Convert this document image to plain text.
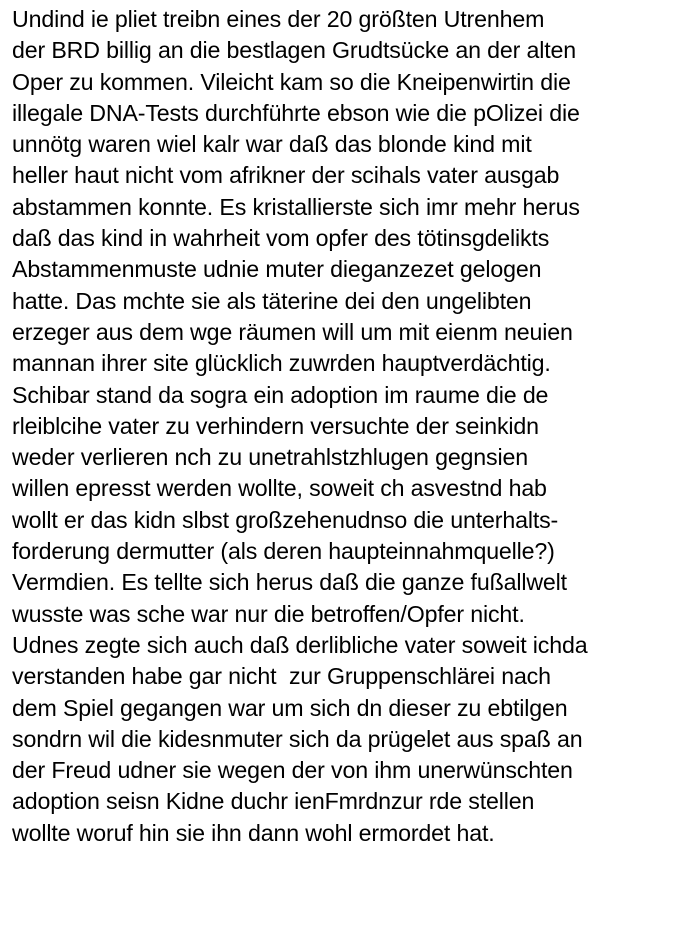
Undind ie pliet treibn eines der 20 größten Utrenhem
der BRD billig an die bestlagen Grudtsücke an der alten
Oper zu kommen. Vileicht kam so die Kneipenwirtin die
illegale DNA-Tests durchführte ebson wie die pOlizei die
unnötg waren wiel kalr war daß das blonde kind mit
heller haut nicht vom afrikner der scihals vater ausgab
abstammen konnte. Es kristallierste sich imr mehr herus
daß das kind in wahrheit vom opfer des tötinsgdelikts
Abstammenmuste udnie muter dieganzezet gelogen
hatte. Das mchte sie als täterine dei den ungelibten
erzeger aus dem wge räumen will um mit eienm neuien
mannan ihrer site glücklich zuwrden hauptverdächtig.
Schibar stand da sogra ein adoption im raume die de
rleiblcihe vater zu verhindern versuchte der seinkidn
weder verlieren nch zu unetrahlstzhlugen gegnsien
willen epresst werden wollte, soweit ch asvestnd hab
wollt er das kidn slbst großzehenudnso die unterhalts-
forderung dermutter (als deren haupteinnahmquelle?)
Vermdien. Es tellte sich herus daß die ganze fußallwelt
wusste was sche war nur die betroffen/Opfer nicht.
Udnes zegte sich auch daß derlibliche vater soweit ichda
verstanden habe gar nicht  zur Gruppenschlärei nach
dem Spiel gegangen war um sich dn dieser zu ebtilgen
sondrn wil die kidesnmuter sich da prügelet aus spaß an
der Freud udner sie wegen der von ihm unerwünschten
adoption seisn Kidne duchr ienFmrdnzur rde stellen
wollte woruf hin sie ihn dann wohl ermordet hat.
